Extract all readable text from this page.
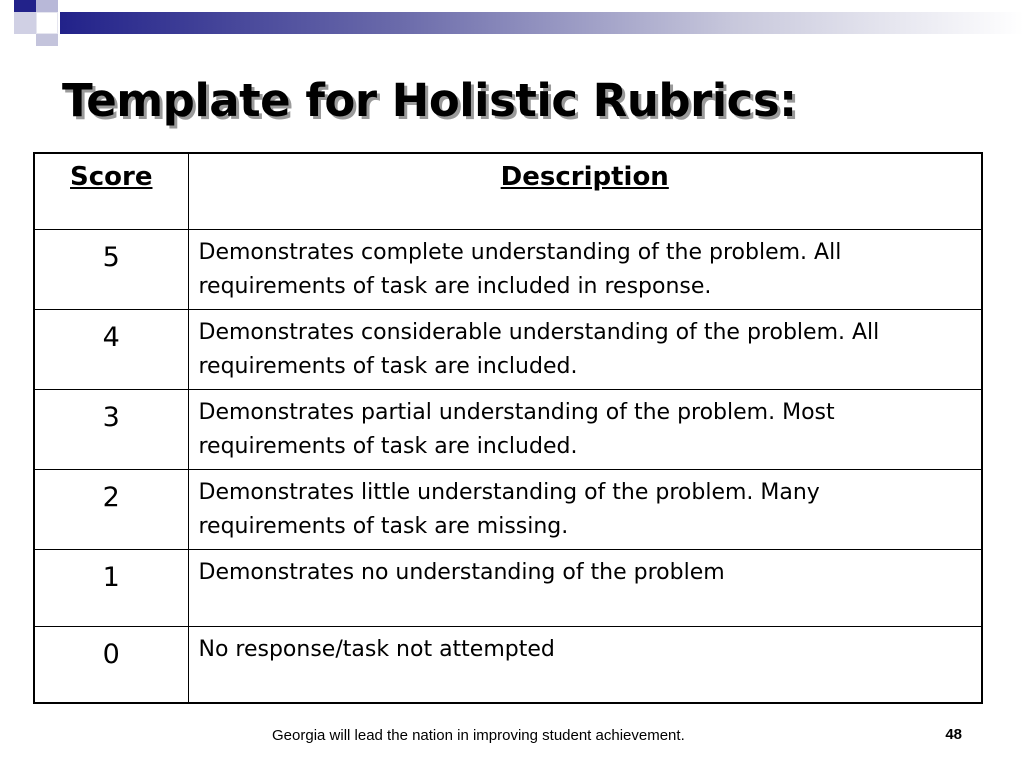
Template for Holistic Rubrics:
Score	Description
5	Demonstrates complete understanding of the problem. All requirements of task are included in response.
4	Demonstrates considerable understanding of the problem. All requirements of task are included.
3	Demonstrates partial understanding of the problem. Most requirements of task are included.
2	Demonstrates little understanding of the problem. Many requirements of task are missing.
1	Demonstrates no understanding of the problem
0	No response/task not attempted
Georgia will lead the nation in improving student achievement.	48
